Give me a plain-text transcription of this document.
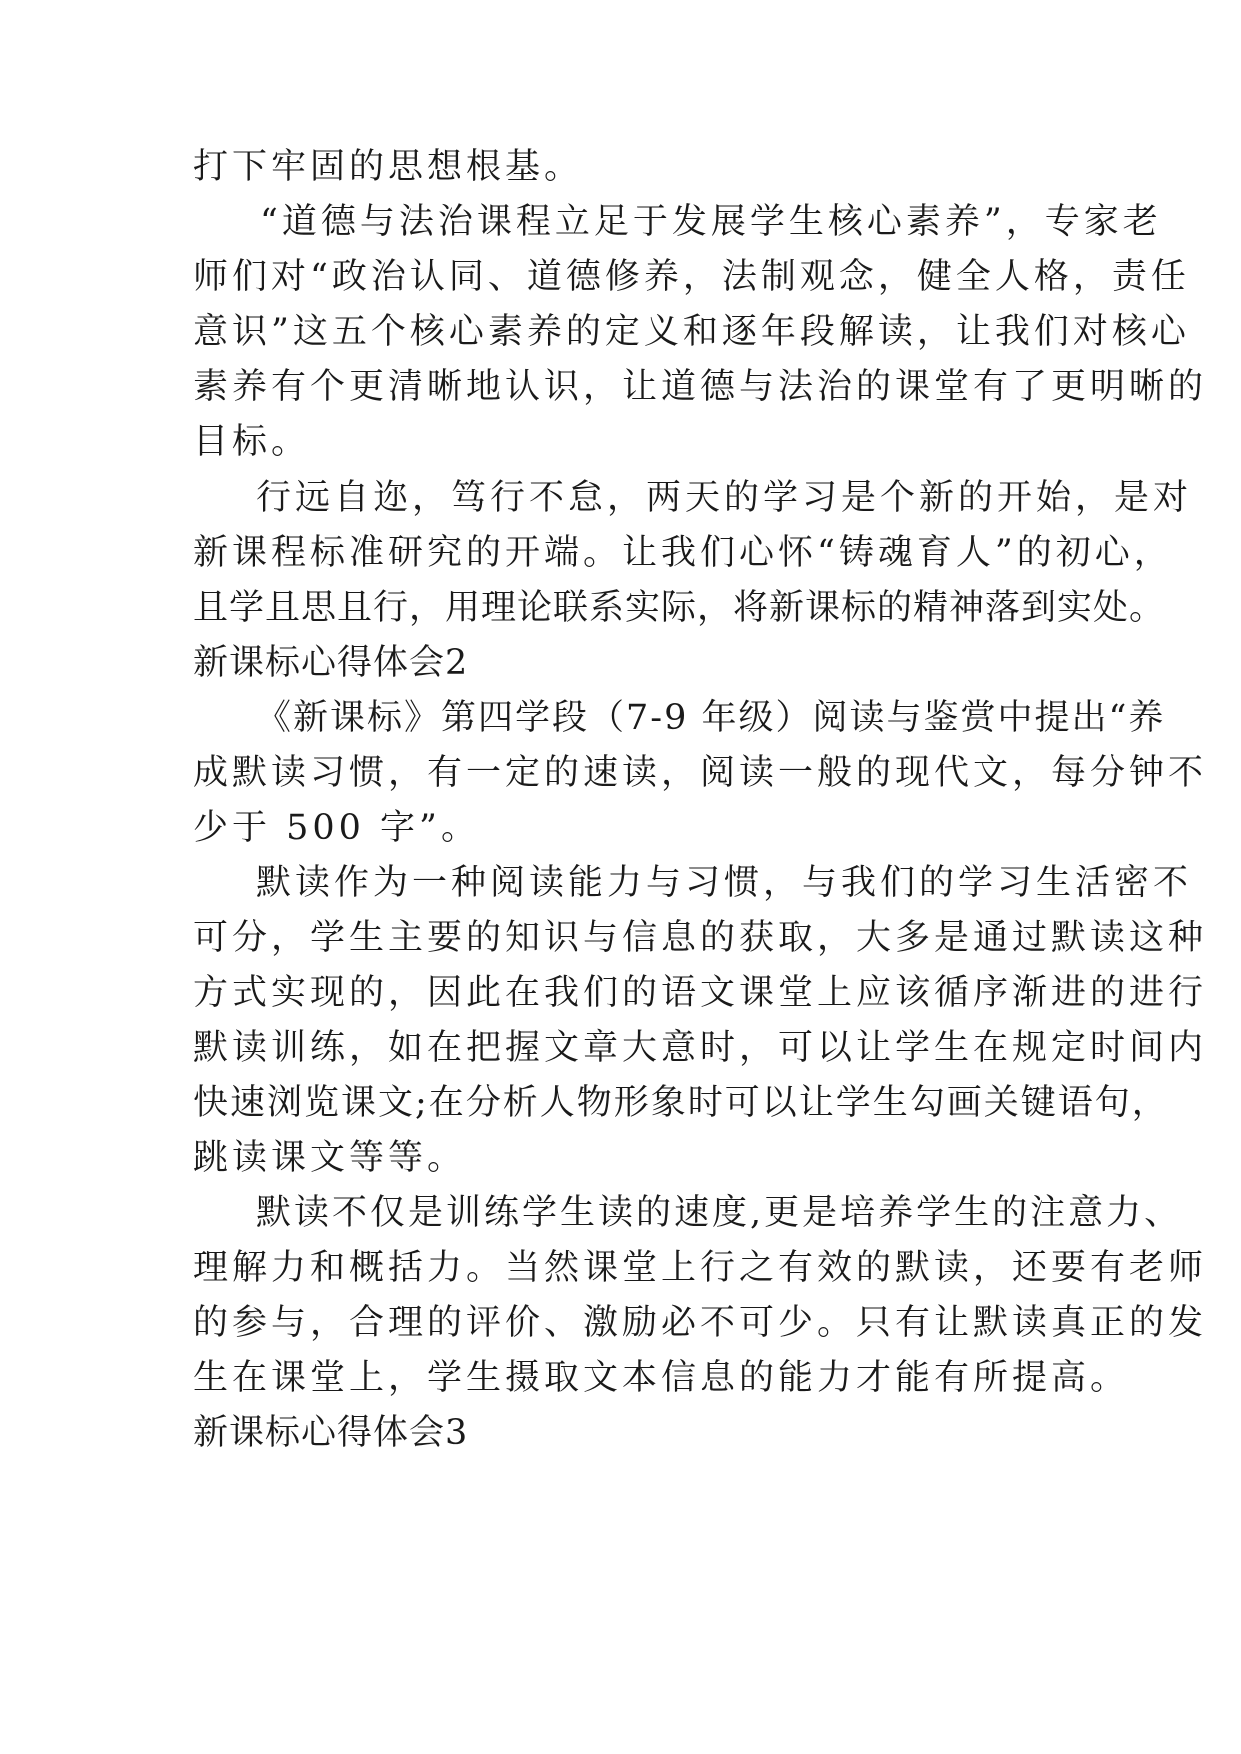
打下牢固的思想根基。
“道德与法治课程立足于发展学生核心素养”，专家老
师们对“政治认同、道德修养，法制观念，健全人格，责任
意识”这五个核心素养的定义和逐年段解读，让我们对核心
素养有个更清晰地认识，让道德与法治的课堂有了更明晰的
目标。
行远自迩，笃行不怠，两天的学习是个新的开始，是对
新课程标准研究的开端。让我们心怀“铸魂育人”的初心，
且学且思且行，用理论联系实际，将新课标的精神落到实处。
新课标心得体会2
《新课标》第四学段（7-9 年级）阅读与鉴赏中提出“养
成默读习惯，有一定的速读，阅读一般的现代文，每分钟不
少于 500 字”。
默读作为一种阅读能力与习惯，与我们的学习生活密不
可分，学生主要的知识与信息的获取，大多是通过默读这种
方式实现的，因此在我们的语文课堂上应该循序渐进的进行
默读训练，如在把握文章大意时，可以让学生在规定时间内
快速浏览课文;在分析人物形象时可以让学生勾画关键语句，
跳读课文等等。
默读不仅是训练学生读的速度,更是培养学生的注意力、
理解力和概括力。当然课堂上行之有效的默读，还要有老师
的参与，合理的评价、激励必不可少。只有让默读真正的发
生在课堂上，学生摄取文本信息的能力才能有所提高。
新课标心得体会3
